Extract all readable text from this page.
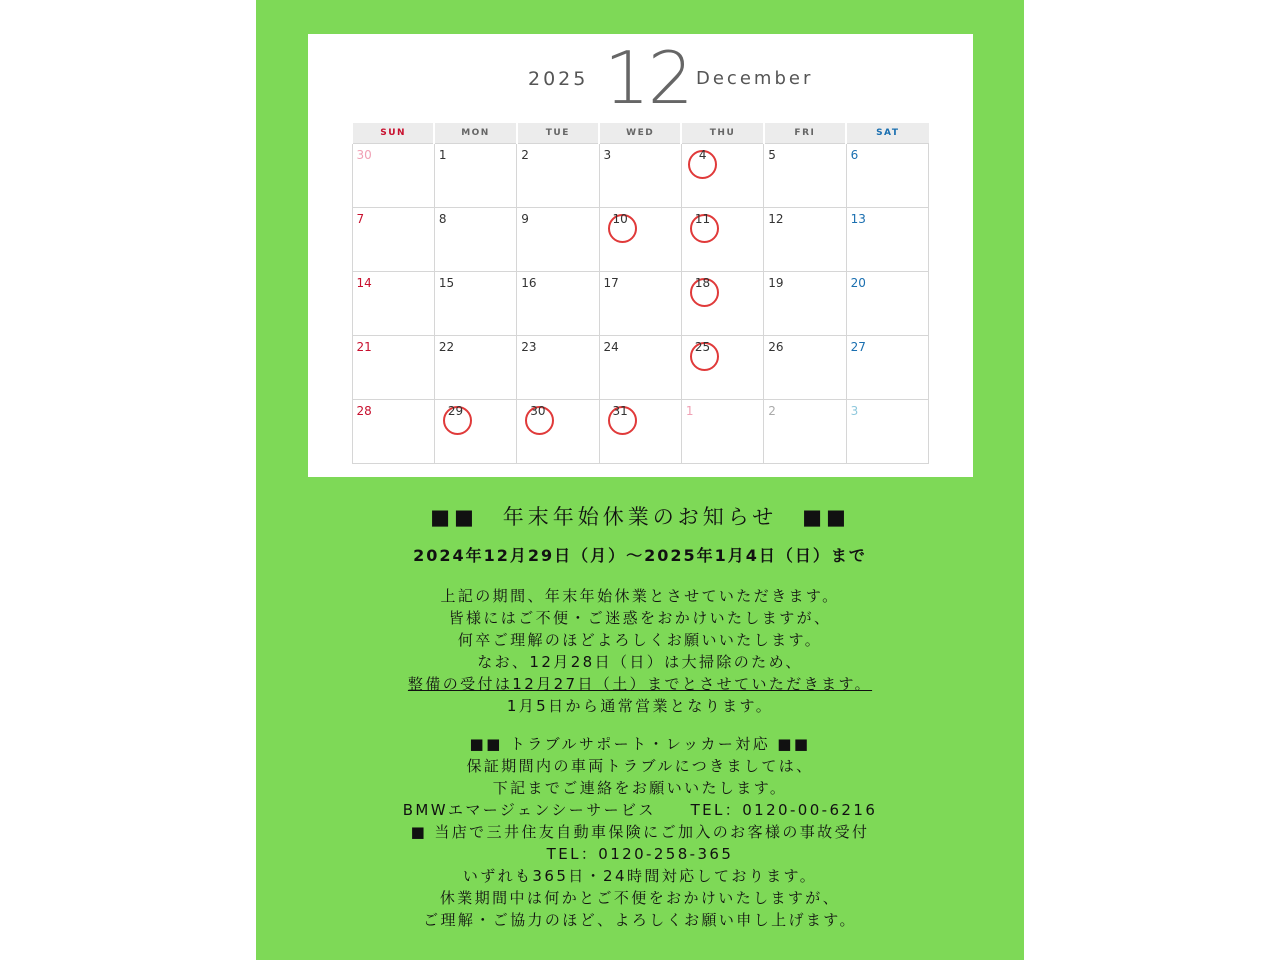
2025 12 December
SUN	MON	TUE	WED	THU	FRI	SAT

30	1	2	3	4	5	6

7	8	9	10	11	12	13

14	15	16	17	18	19	20

21	22	23	24	25	26	27

28	29	30	31	1	2	3
■■　年末年始休業のお知らせ　■■
2024年12月29日（月）～2025年1月4日（日）まで
上記の期間、年末年始休業とさせていただきます。
皆様にはご不便・ご迷惑をおかけいたしますが、
何卒ご理解のほどよろしくお願いいたします。
なお、12月28日（日）は大掃除のため、
整備の受付は12月27日（土）までとさせていただきます。
1月5日から通常営業となります。
■■ トラブルサポート・レッカー対応 ■■
保証期間内の車両トラブルにつきましては、
下記までご連絡をお願いいたします。
BMWエマージェンシーサービス　　TEL：0120-00-6216
■ 当店で三井住友自動車保険にご加入のお客様の事故受付
TEL：0120-258-365
いずれも365日・24時間対応しております。
休業期間中は何かとご不便をおかけいたしますが、
ご理解・ご協力のほど、よろしくお願い申し上げます。
